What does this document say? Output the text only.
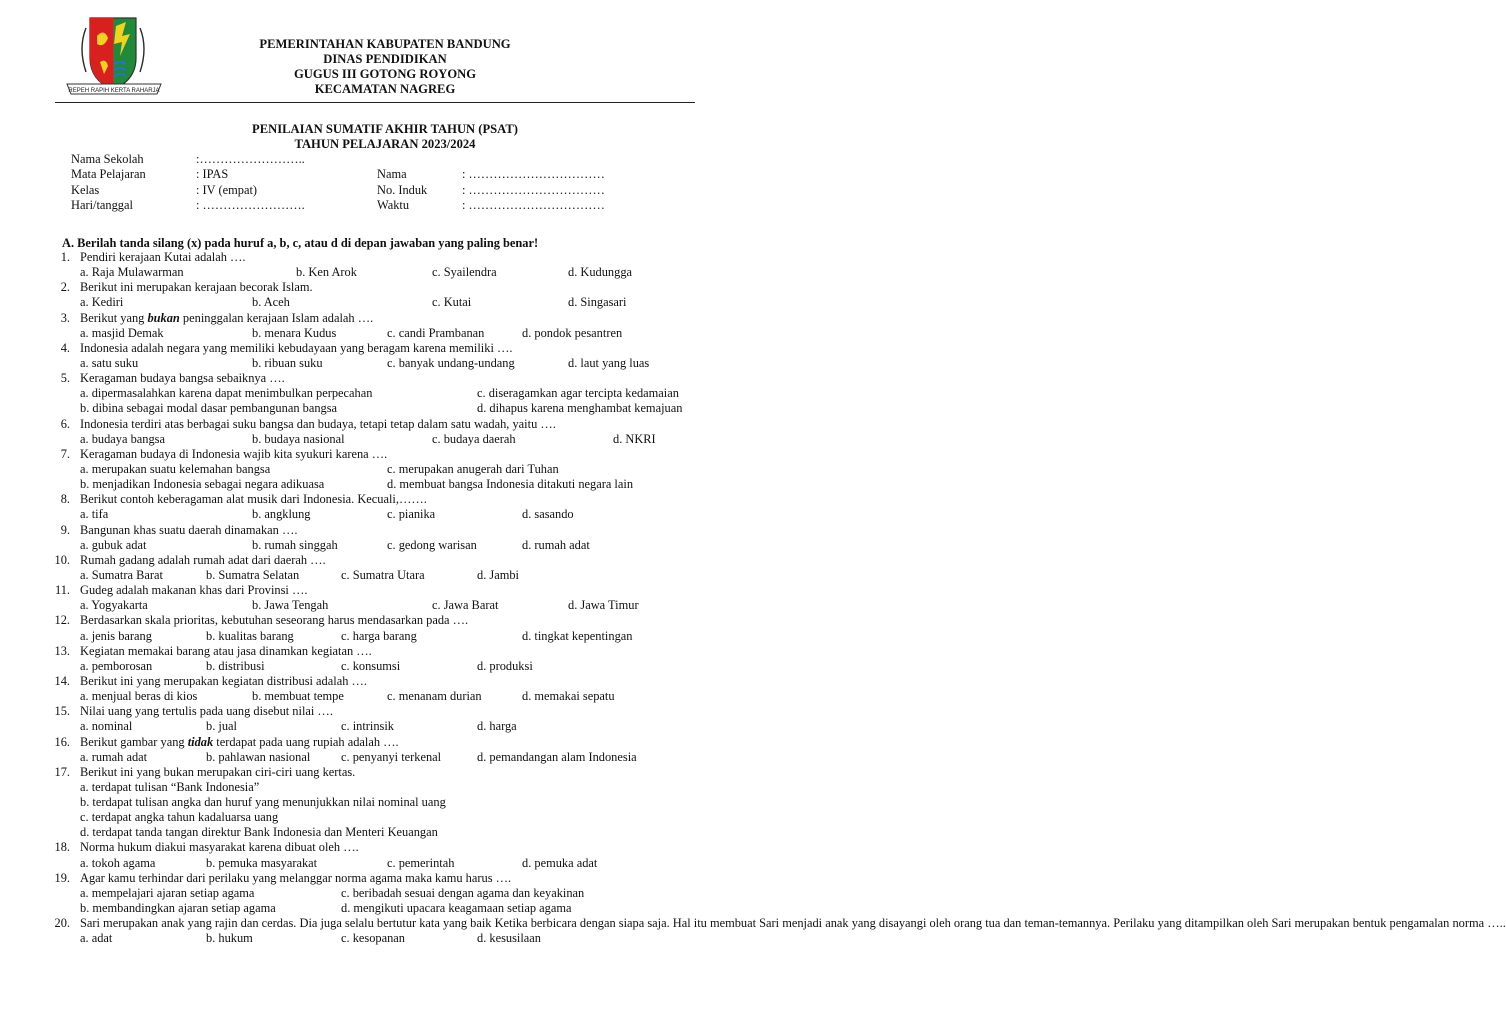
REPEH RAPIH KERTA RAHARJA
PEMERINTAHAN KABUPATEN BANDUNG
DINAS PENDIDIKAN
GUGUS III GOTONG ROYONG
KECAMATAN NAGREG
PENILAIAN SUMATIF AKHIR TAHUN (PSAT)
TAHUN PELAJARAN 2023/2024
Nama Sekolah	:……………………..
Mata Pelajaran	: IPAS	Nama	: ……………………………
Kelas	: IV (empat)	No. Induk	: ……………………………
Hari/tanggal	: …………………….	Waktu	: ……………………………
A. Berilah tanda silang (x) pada huruf a, b, c, atau d di depan jawaban yang paling benar!
1. Pendiri kerajaan Kutai adalah ….
a. Raja Mulawarman	b. Ken Arok	c. Syailendra	d. Kudungga
2. Berikut ini merupakan kerajaan becorak Islam.
a. Kediri	b. Aceh	c. Kutai	d. Singasari
3. Berikut yang bukan peninggalan kerajaan Islam adalah ….
a. masjid Demak	b. menara Kudus	c. candi Prambanan	d. pondok pesantren
4. Indonesia adalah negara yang memiliki kebudayaan yang beragam karena memiliki ….
a. satu suku	b. ribuan suku	c. banyak undang-undang	d. laut yang luas
5. Keragaman budaya bangsa sebaiknya ….
a. dipermasalahkan karena dapat menimbulkan perpecahan	c. diseragamkan agar tercipta kedamaian
b. dibina sebagai modal dasar pembangunan bangsa	d. dihapus karena menghambat kemajuan
6. Indonesia terdiri atas berbagai suku bangsa dan budaya, tetapi tetap dalam satu wadah, yaitu ….
a. budaya bangsa	b. budaya nasional	c. budaya daerah	d. NKRI
7. Keragaman budaya di Indonesia wajib kita syukuri karena ….
a. merupakan suatu kelemahan bangsa	c. merupakan anugerah dari Tuhan
b. menjadikan Indonesia sebagai negara adikuasa	d. membuat bangsa Indonesia ditakuti negara lain
8. Berikut contoh keberagaman alat musik dari Indonesia. Kecuali,…….
a. tifa	b. angklung	c. pianika	d. sasando
9. Bangunan khas suatu daerah dinamakan ….
a. gubuk adat	b. rumah singgah	c. gedong warisan	d. rumah adat
10. Rumah gadang adalah rumah adat dari daerah ….
a. Sumatra Barat	b. Sumatra Selatan	c. Sumatra Utara	d. Jambi
11. Gudeg adalah makanan khas dari Provinsi ….
a. Yogyakarta	b. Jawa Tengah	c. Jawa Barat	d. Jawa Timur
12. Berdasarkan skala prioritas, kebutuhan seseorang harus mendasarkan pada ….
a. jenis barang	b. kualitas barang	c. harga barang	d. tingkat kepentingan
13. Kegiatan memakai barang atau jasa dinamkan kegiatan ….
a. pemborosan	b. distribusi	c. konsumsi	d. produksi
14. Berikut ini yang merupakan kegiatan distribusi adalah ….
a. menjual beras di kios	b. membuat tempe	c. menanam durian	d. memakai sepatu
15. Nilai uang yang tertulis pada uang disebut nilai ….
a. nominal	b. jual	c. intrinsik	d. harga
16. Berikut gambar yang tidak terdapat pada uang rupiah adalah ….
a. rumah adat	b. pahlawan nasional c. penyanyi terkenal	d. pemandangan alam Indonesia
17. Berikut ini yang bukan merupakan ciri-ciri uang kertas.
a. terdapat tulisan “Bank Indonesia”
b. terdapat tulisan angka dan huruf yang menunjukkan nilai nominal uang
c. terdapat angka tahun kadaluarsa uang
d. terdapat tanda tangan direktur Bank Indonesia dan Menteri Keuangan
18. Norma hukum diakui masyarakat karena dibuat oleh ….
a. tokoh agama	b. pemuka masyarakat	c. pemerintah	d. pemuka adat
19. Agar kamu terhindar dari perilaku yang melanggar norma agama maka kamu harus ….
a. mempelajari ajaran setiap agama	c. beribadah sesuai dengan agama dan keyakinan
b. membandingkan ajaran setiap agama	d. mengikuti upacara keagamaan setiap agama
20. Sari merupakan anak yang rajin dan cerdas. Dia juga selalu bertutur kata yang baik Ketika berbicara dengan siapa saja. Hal itu membuat Sari menjadi anak yang disayangi oleh orang tua dan teman-temannya. Perilaku yang ditampilkan oleh Sari merupakan bentuk pengamalan norma …..
a. adat	b. hukum	c. kesopanan	d. kesusilaan
